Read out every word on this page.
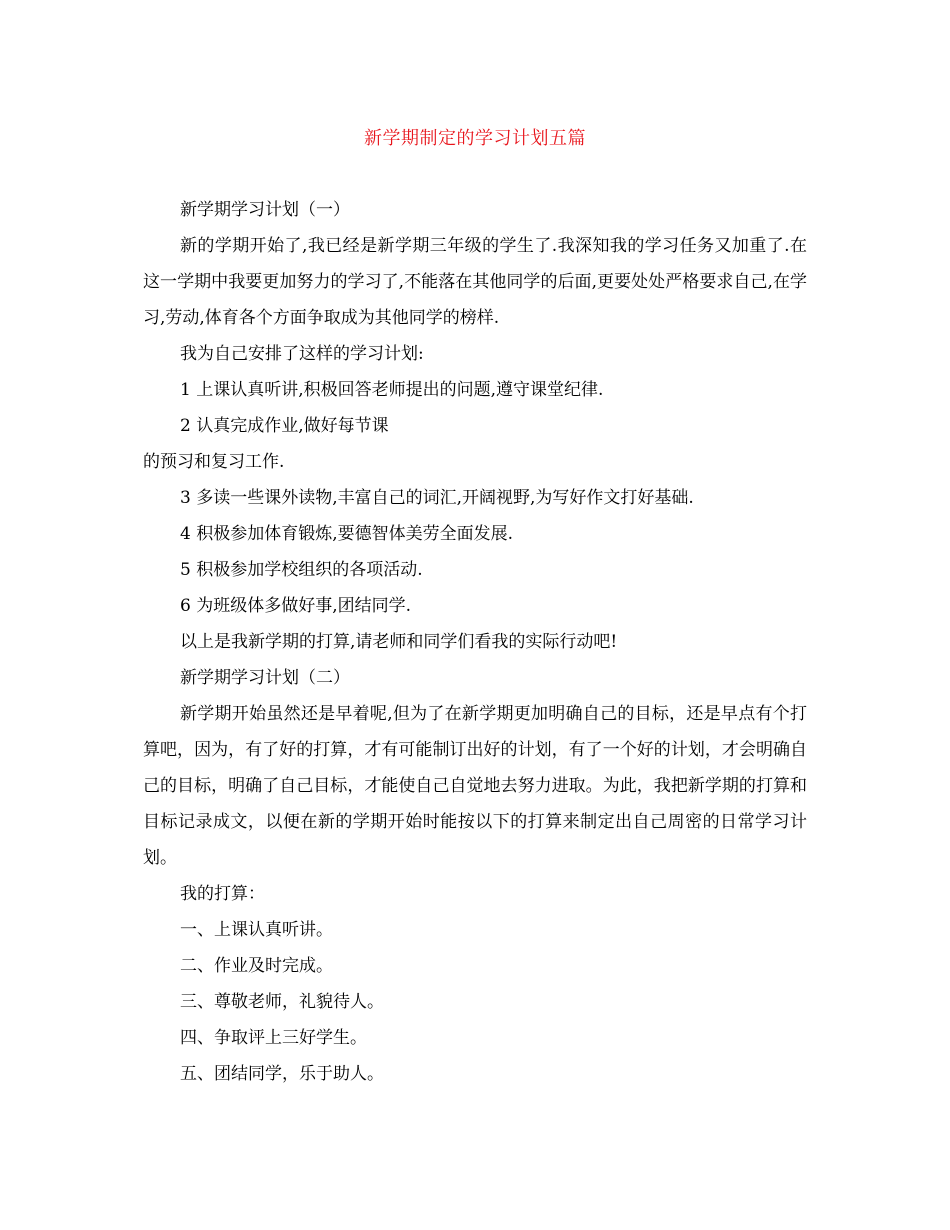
新学期制定的学习计划五篇
新学期学习计划（一）

新的学期开始了,我已经是新学期三年级的学生了.我深知我的学习任务又加重了.在这一学期中我要更加努力的学习了,不能落在其他同学的后面,更要处处严格要求自己,在学习,劳动,体育各个方面争取成为其他同学的榜样.

我为自己安排了这样的学习计划:
1 上课认真听讲,积极回答老师提出的问题,遵守课堂纪律.
2 认真完成作业,做好每节课
的预习和复习工作.
3 多读一些课外读物,丰富自己的词汇,开阔视野,为写好作文打好基础.
4 积极参加体育锻炼,要德智体美劳全面发展.
5 积极参加学校组织的各项活动.
6 为班级体多做好事,团结同学.
以上是我新学期的打算,请老师和同学们看我的实际行动吧!
新学期学习计划（二）

新学期开始虽然还是早着呢,但为了在新学期更加明确自己的目标，还是早点有个打算吧，因为，有了好的打算，才有可能制订出好的计划，有了一个好的计划，才会明确自己的目标，明确了自己目标，才能使自己自觉地去努力进取。为此，我把新学期的打算和目标记录成文，以便在新的学期开始时能按以下的打算来制定出自己周密的日常学习计划。

我的打算：
一、上课认真听讲。
二、作业及时完成。
三、尊敬老师，礼貌待人。
四、争取评上三好学生。
五、团结同学，乐于助人。
